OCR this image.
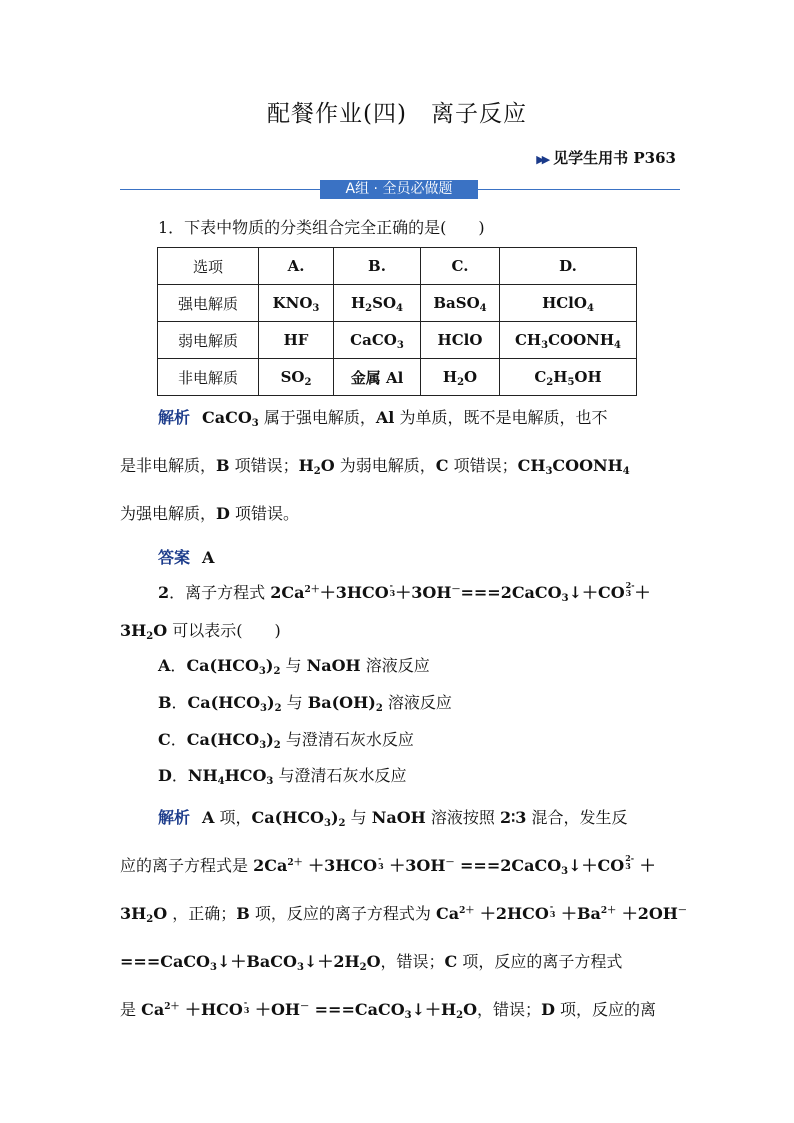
配餐作业(四)　离子反应
▶▶ 见学生用书 P363
A组 · 全员必做题
1．下表中物质的分类组合完全正确的是(　　)
选项	A.	B.	C.	D.
强电解质	$KNO_3$	$H_2SO_4$	BaSO$_4$	HClO$_4$
弱电解质	HF	CaCO$_3$	HClO	$CH_3COONH_4$
非电解质	$SO_2$	金属 Al	$H_2O$	$C_2H_5OH$
解析 CaCO$_3$ 属于强电解质，Al 为单质，既不是电解质，也不
是非电解质，B 项错误；$H_2O$ 为弱电解质，C 项错误；$CH_3COONH_4$
为强电解质，D 项错误。
答案 A
2．离子方程式 $2Ca^{2+}+3HCO-$
3＋3OH－===2CaCO$_3$↓＋CO2-
3 ＋
$3H_2O$ 可以表示(　　)
A．$Ca(HCO_3)_2$ 与 NaOH 溶液反应
B．$Ca(HCO_3)_2$ 与 $Ba(OH)_2$ 溶液反应
C．$Ca(HCO_3)_2$ 与澄清石灰水反应
D．$NH_4HCO_3$ 与澄清石灰水反应
解析 A 项，$Ca(HCO_3)_2$ 与 NaOH 溶液按照 2∶3 混合，发生反
应的离子方程式是 $2Ca^{2+} +3HCO-$
3 ＋3OH－ ===2CaCO$_3$↓＋CO2-
3 ＋
$3H_2O$ ，正确；B 项，反应的离子方程式为 $Ca^{2+} +2HCO-$
$3 +Ba^{2+} +2OH^-$
$===CaCO_3↓+BaCO_3↓+2H_2O$，错误；C 项，反应的离子方程式
是 $Ca^{2+} +HCO-$
$3 +OH^- ===CaCO_3↓+H_2O$，错误；D 项，反应的离
